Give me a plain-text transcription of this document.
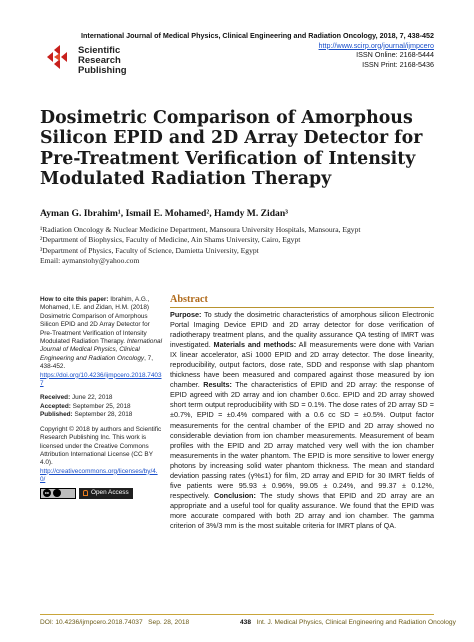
Scientific
Research
Publishing
International Journal of Medical Physics, Clinical Engineering and Radiation Oncology, 2018, 7, 438-452
http://www.scirp.org/journal/ijmpcero
ISSN Online: 2168-5444
ISSN Print: 2168-5436
Dosimetric Comparison of Amorphous Silicon EPID and 2D Array Detector for Pre-Treatment Verification of Intensity Modulated Radiation Therapy
Ayman G. Ibrahim¹, Ismail E. Mohamed², Hamdy M. Zidan³
¹Radiation Oncology & Nuclear Medicine Department, Mansoura University Hospitals, Mansoura, Egypt
²Department of Biophysics, Faculty of Medicine, Ain Shams University, Cairo, Egypt
³Department of Physics, Faculty of Science, Damietta University, Egypt
Email: aymanstohy@yahoo.com
How to cite this paper: Ibrahim, A.G., Mohamed, I.E. and Zidan, H.M. (2018) Dosimetric Comparison of Amorphous Silicon EPID and 2D Array Detector for Pre-Treatment Verification of Intensity Modulated Radiation Therapy. International Journal of Medical Physics, Clinical Engineering and Radiation Oncology, 7, 438-452.
https://doi.org/10.4236/ijmpcero.2018.74037
Received: June 22, 2018
Accepted: September 25, 2018
Published: September 28, 2018
Copyright © 2018 by authors and Scientific Research Publishing Inc. This work is licensed under the Creative Commons Attribution International License (CC BY 4.0).
http://creativecommons.org/licenses/by/4.0/
cc	Open Access
Abstract
Purpose: To study the dosimetric characteristics of amorphous silicon Electronic Portal Imaging Device EPID and 2D array detector for dose verification of radiotherapy treatment plans, and the quality assurance QA testing of IMRT was investigated. Materials and methods: All measurements were done with Varian IX linear accelerator, aSi 1000 EPID and 2D array detector. The dose linearity, reproducibility, output factors, dose rate, SDD and response with slap phantom thickness have been measured and compared against those measured by ion chamber. Results: The characteristics of EPID and 2D array: the response of EPID agreed with 2D array and ion chamber 0.6cc. EPID and 2D array showed short term output reproducibility with SD = 0.1%. The dose rates of 2D array SD = ±0.7%, EPID = ±0.4% compared with a 0.6 cc SD = ±0.5%. Output factor measurements for the central chamber of the EPID and 2D array showed no considerable deviation from ion chamber measurements. Measurement of beam profiles with the EPID and 2D array matched very well with the ion chamber measurements in the water phantom. The EPID is more sensitive to lower energy photons by increasing solid water phantom thickness. The mean and standard deviation passing rates (γ%≤1) for film, 2D array and EPID for 30 IMRT fields of five patients were 95.93 ± 0.96%, 99.05 ± 0.24%, and 99.37 ± 0.12%, respectively. Conclusion: The study shows that EPID and 2D array are an appropriate and a useful tool for quality assurance. We found that the EPID was more accurate compared with both 2D array and ion chamber. The gamma criterion of 3%/3 mm is the most suitable criteria for IMRT plans of QA.
DOI: 10.4236/ijmpcero.2018.74037 Sep. 28, 2018	438 Int. J. Medical Physics, Clinical Engineering and Radiation Oncology
